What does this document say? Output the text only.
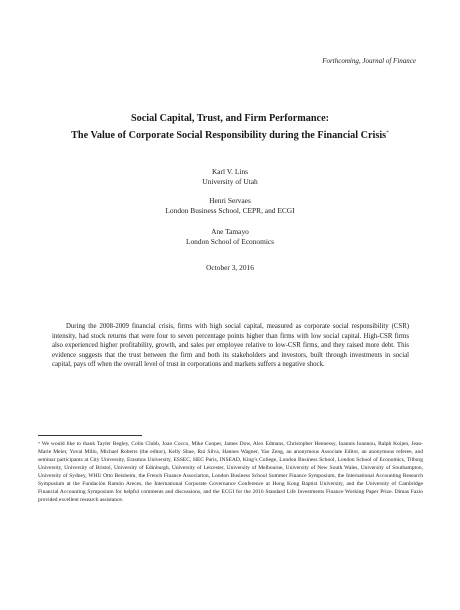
Forthcoming, Journal of Finance
Social Capital, Trust, and Firm Performance:
The Value of Corporate Social Responsibility during the Financial Crisis*
Karl V. Lins
University of Utah
Henri Servaes
London Business School, CEPR, and ECGI
Ane Tamayo
London School of Economics
October 3, 2016

During the 2008-2009 financial crisis, firms with high social capital, measured as corporate social responsibility (CSR) intensity, had stock returns that were four to seven percentage points higher than firms with low social capital. High-CSR firms also experienced higher profitability, growth, and sales per employee relative to low-CSR firms, and they raised more debt. This evidence suggests that the trust between the firm and both its stakeholders and investors, built through investments in social capital, pays off when the overall level of trust in corporations and markets suffers a negative shock.

* We would like to thank Tayler Begley, Colin Clubb, Joao Cocco, Mike Cooper, James Dow, Alex Edmans, Christopher Hennessy, Ioannis Ioannou, Ralph Koijen, Jean-Marie Meier, Yuval Millo, Michael Roberts (the editor), Kelly Shue, Rui Silva, Hannes Wagner, Yao Zeng, an anonymous Associate Editor, an anonymous referee, and seminar participants at City University, Erasmus University, ESSEC, HEC Paris, INSEAD, King’s College, London Business School, London School of Economics, Tilburg University, University of Bristol, University of Edinburgh, University of Leicester, University of Melbourne, University of New South Wales, University of Southampton, University of Sydney, WHU Otto Beisheim, the French Finance Association, London Business School Summer Finance Symposium, the International Accounting Research Symposium at the Fundación Ramón Areces, the International Corporate Governance Conference at Hong Kong Baptist University, and the University of Cambridge Financial Accounting Symposium for helpful comments and discussions, and the ECGI for the 2016 Standard Life Investments Finance Working Paper Prize. Dimas Fazio provided excellent research assistance.
